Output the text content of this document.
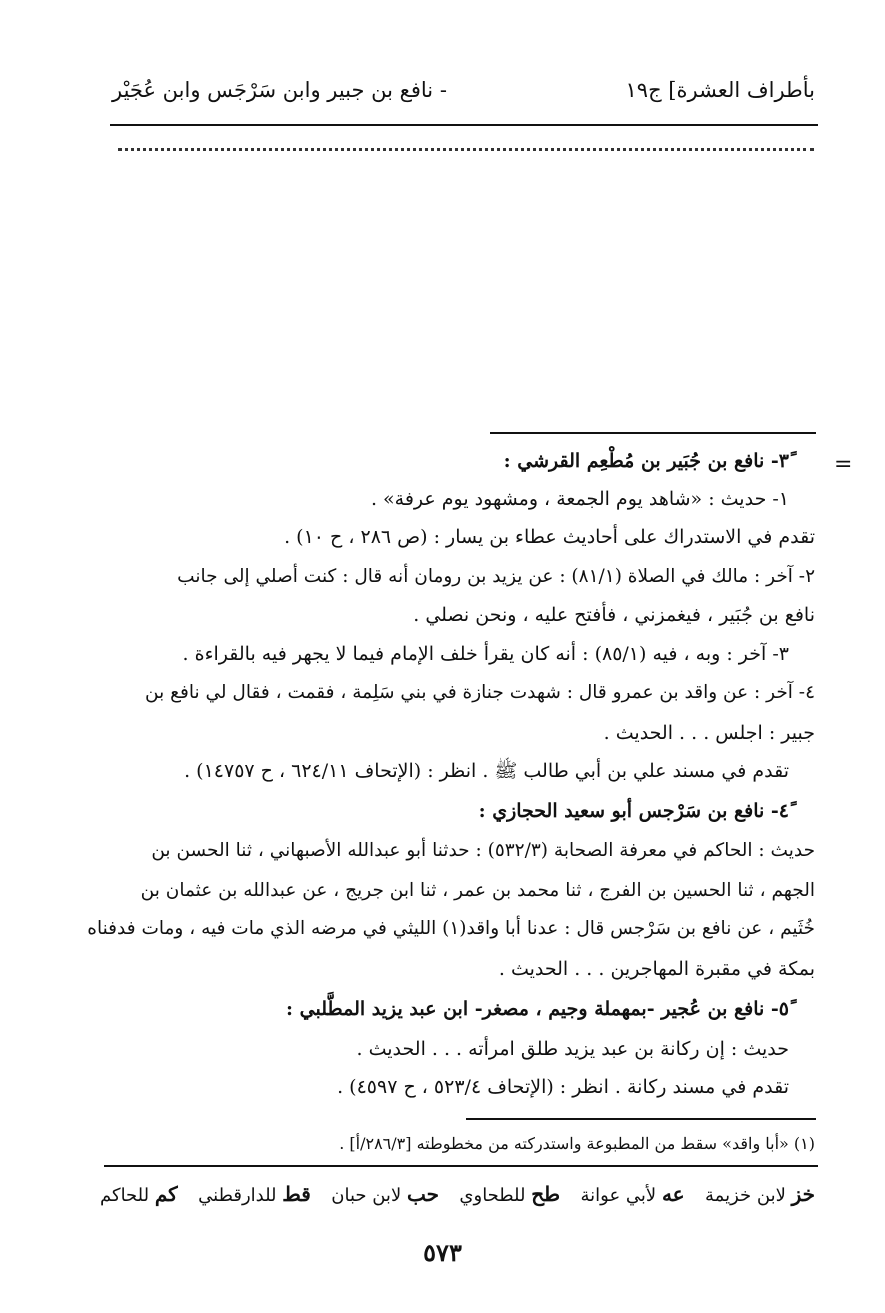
بأطراف العشرة] ج١٩
- نافع بن جبير وابن سَرْجَس وابن عُجَيْر
=
٣ً- نافع بن جُبَير بن مُطْعِم القرشي :
١- حديث : «شاهد يوم الجمعة ، ومشهود يوم عرفة» .
تقدم في الاستدراك على أحاديث عطاء بن يسار : (ص ٢٨٦ ، ح ١٠) .
٢- آخر : مالك في الصلاة (٨١/١) : عن يزيد بن رومان أنه قال : كنت أصلي إلى جانب
نافع بن جُبَير ، فيغمزني ، فأفتح عليه ، ونحن نصلي .
٣- آخر : وبه ، فيه (٨٥/١) : أنه كان يقرأ خلف الإمام فيما لا يجهر فيه بالقراءة .
٤- آخر : عن واقد بن عمرو قال : شهدت جنازة في بني سَلِمة ، فقمت ، فقال لي نافع بن
جبير : اجلس . . . الحديث .
تقدم في مسند علي بن أبي طالب ﷺ . انظر : (الإتحاف ٦٢٤/١١ ، ح ١٤٧٥٧) .
٤ً- نافع بن سَرْجس أبو سعيد الحجازي :
حديث : الحاكم في معرفة الصحابة (٥٣٢/٣) : حدثنا أبو عبدالله الأصبهاني ، ثنا الحسن بن
الجهم ، ثنا الحسين بن الفرج ، ثنا محمد بن عمر ، ثنا ابن جريج ، عن عبدالله بن عثمان بن
خُثَيم ، عن نافع بن سَرْجس قال : عدنا أبا واقد(١) الليثي في مرضه الذي مات فيه ، ومات فدفناه
بمكة في مقبرة المهاجرين . . . الحديث .
٥ً- نافع بن عُجير -بمهملة وجيم ، مصغر- ابن عبد يزيد المطَّلبي :
حديث : إن ركانة بن عبد يزيد طلق امرأته . . . الحديث .
تقدم في مسند ركانة . انظر : (الإتحاف ٥٢٣/٤ ، ح ٤٥٩٧) .
(١) «أبا واقد» سقط من المطبوعة واستدركته من مخطوطته [٢٨٦/٣/أ] .
خز لابن خزيمة
عه لأبي عوانة
طح للطحاوي
حب لابن حبان
قط للدارقطني
كم للحاكم
٥٧٣
